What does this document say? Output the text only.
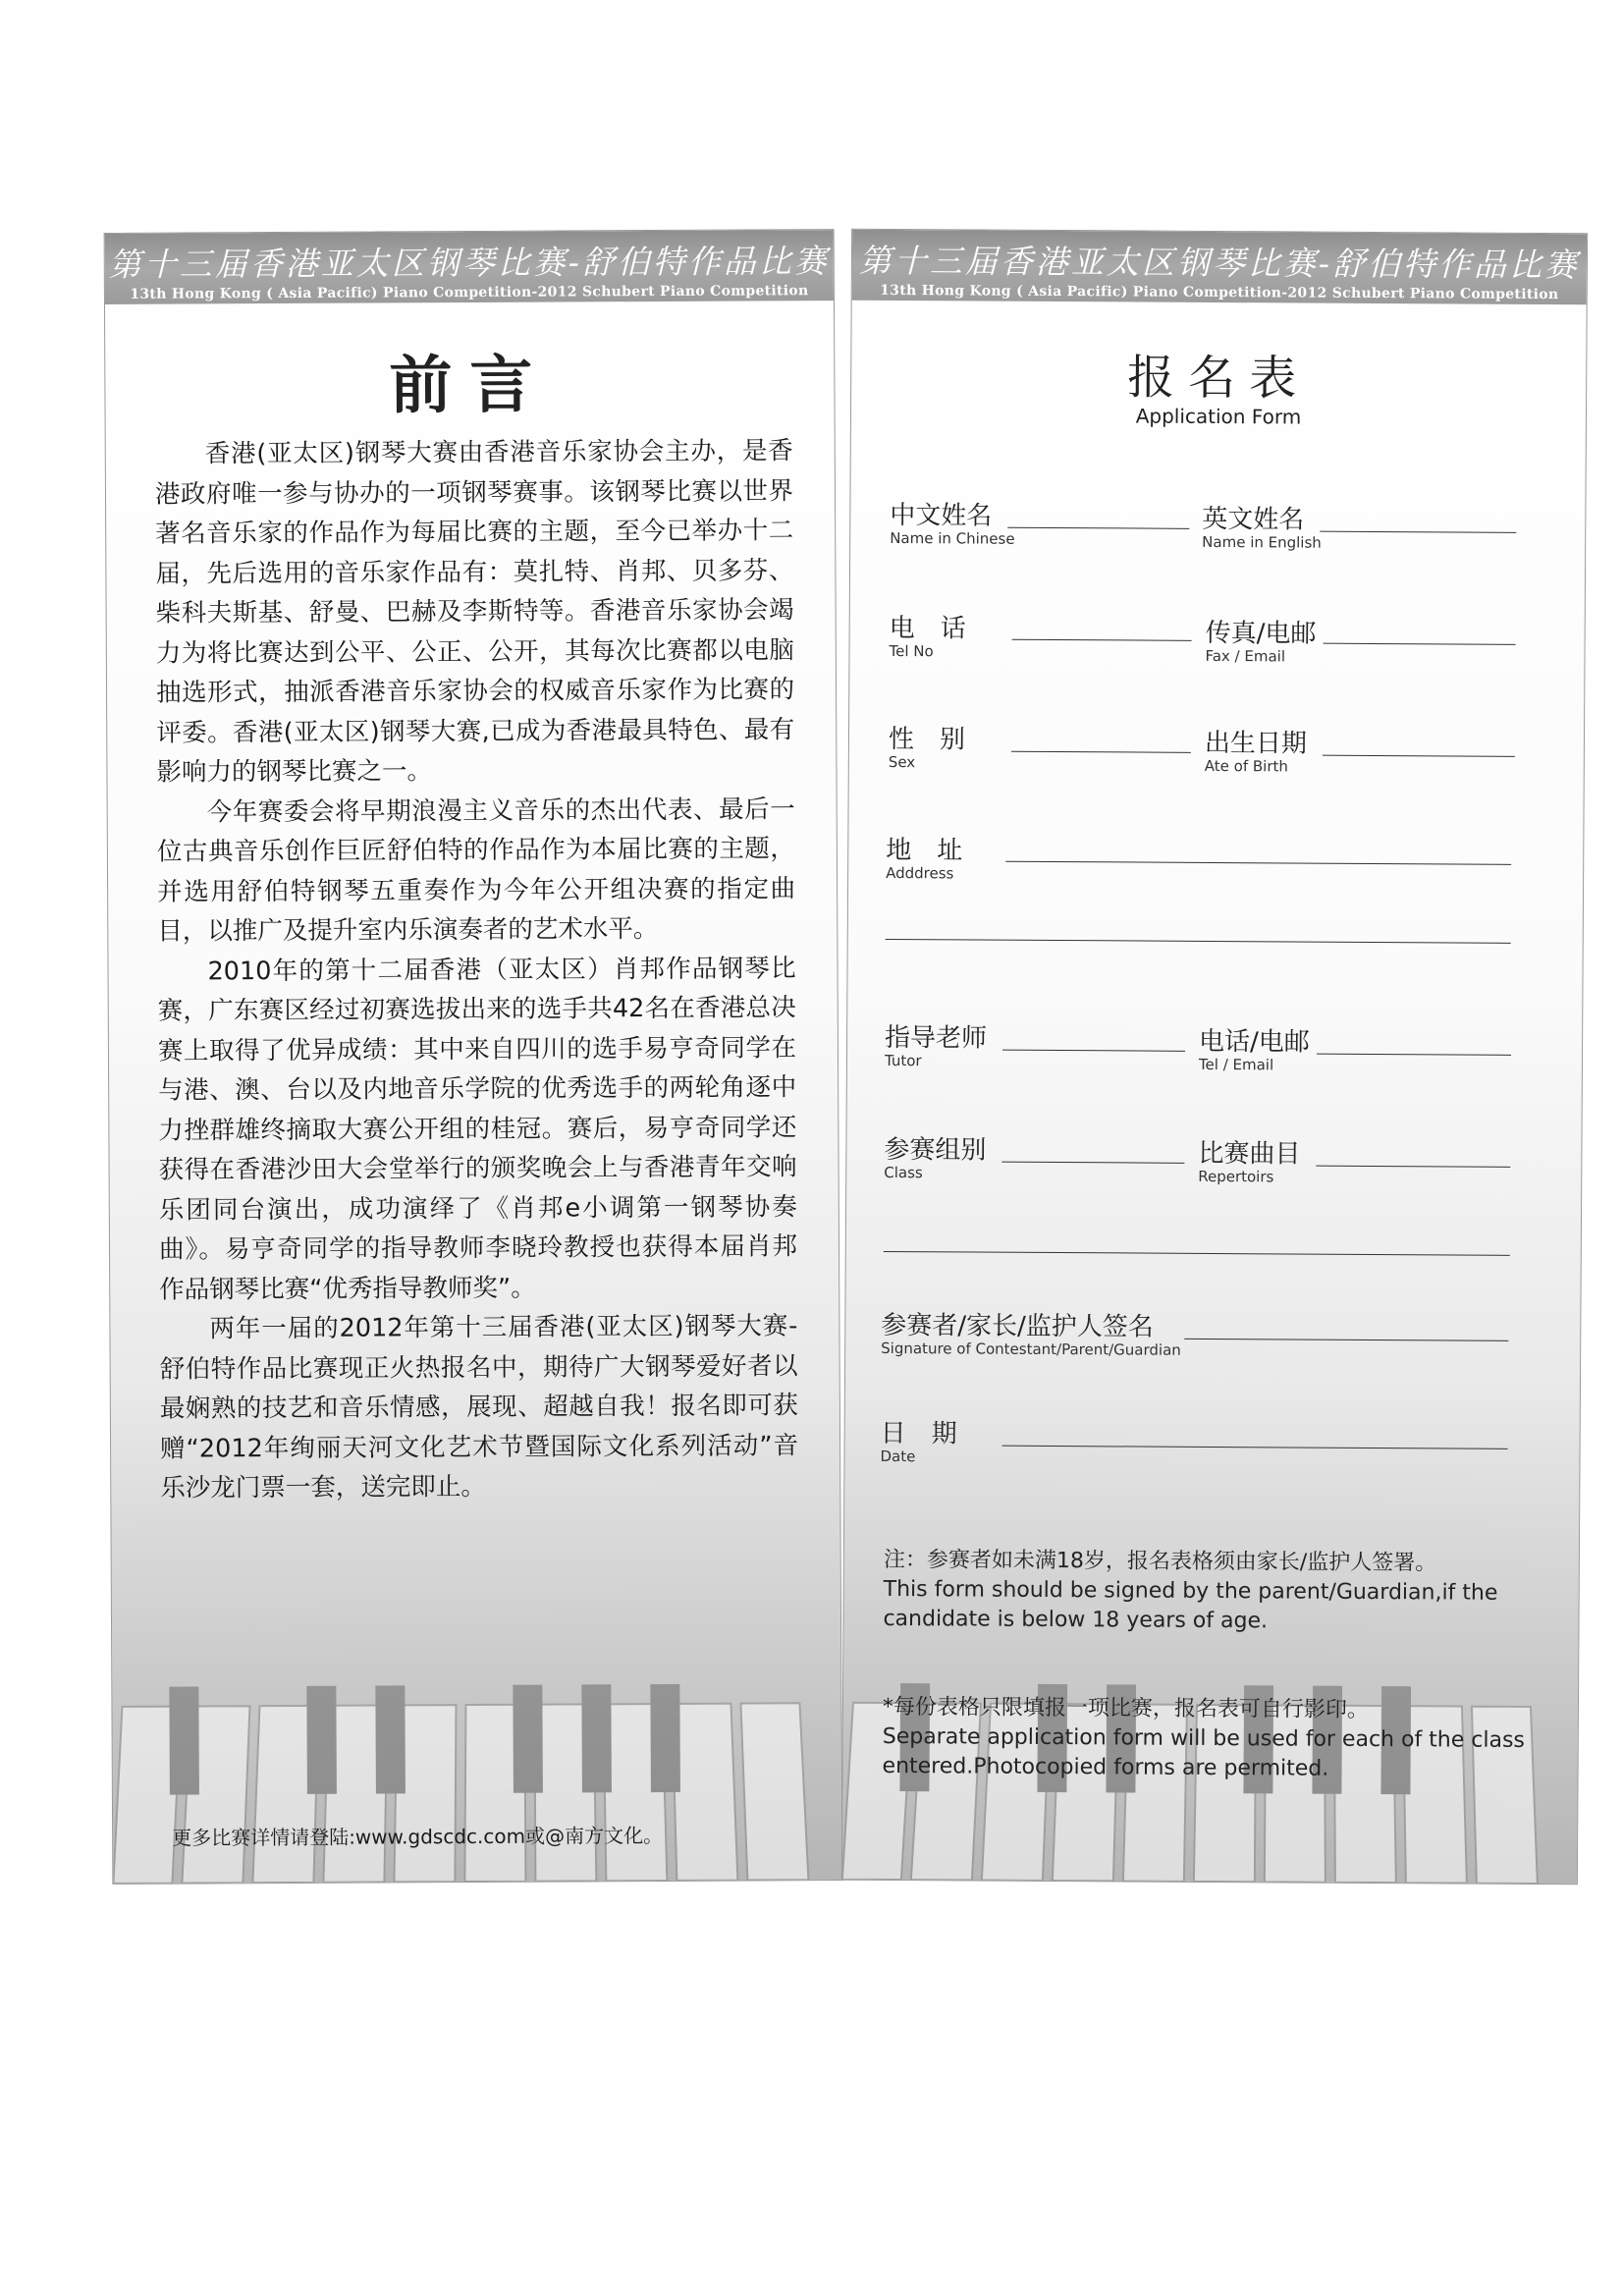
第十三届香港亚太区钢琴比赛-舒伯特作品比赛
13th Hong Kong ( Asia Pacific) Piano Competition-2012 Schubert Piano Competition
前言

香港(亚太区)钢琴大赛由香港音乐家协会主办，是香港政府唯一参与协办的一项钢琴赛事。该钢琴比赛以世界著名音乐家的作品作为每届比赛的主题，至今已举办十二届，先后选用的音乐家作品有：莫扎特、肖邦、贝多芬、柴科夫斯基、舒曼、巴赫及李斯特等。香港音乐家协会竭力为将比赛达到公平、公正、公开，其每次比赛都以电脑抽选形式，抽派香港音乐家协会的权威音乐家作为比赛的评委。香港(亚太区)钢琴大赛,已成为香港最具特色、最有影响力的钢琴比赛之一。

今年赛委会将早期浪漫主义音乐的杰出代表、最后一位古典音乐创作巨匠舒伯特的作品作为本届比赛的主题，并选用舒伯特钢琴五重奏作为今年公开组决赛的指定曲目，以推广及提升室内乐演奏者的艺术水平。

2010年的第十二届香港（亚太区）肖邦作品钢琴比赛，广东赛区经过初赛选拔出来的选手共42名在香港总决赛上取得了优异成绩：其中来自四川的选手易亨奇同学在与港、澳、台以及内地音乐学院的优秀选手的两轮角逐中力挫群雄终摘取大赛公开组的桂冠。赛后，易亨奇同学还获得在香港沙田大会堂举行的颁奖晚会上与香港青年交响乐团同台演出，成功演绎了《肖邦e小调第一钢琴协奏曲》。易亨奇同学的指导教师李晓玲教授也获得本届肖邦作品钢琴比赛“优秀指导教师奖”。

两年一届的2012年第十三届香港(亚太区)钢琴大赛-舒伯特作品比赛现正火热报名中，期待广大钢琴爱好者以最娴熟的技艺和音乐情感，展现、超越自我！报名即可获赠“2012年绚丽天河文化艺术节暨国际文化系列活动”音乐沙龙门票一套，送完即止。

更多比赛详情请登陆:www.gdscdc.com或@南方文化。
第十三届香港亚太区钢琴比赛-舒伯特作品比赛
13th Hong Kong ( Asia Pacific) Piano Competition-2012 Schubert Piano Competition
报名表
Application Form
中文姓名
Name in Chinese
英文姓名
Name in English
电　话
Tel No
传真/电邮
Fax / Email
性　别
Sex
出生日期
Ate of Birth
地　址
Adddress
指导老师
Tutor
电话/电邮
Tel / Email
参赛组别
Class
比赛曲目
Repertoirs
参赛者/家长/监护人签名
Signature of Contestant/Parent/Guardian
日　期
Date
注：参赛者如未满18岁，报名表格须由家长/监护人签署。
This form should be signed by the parent/Guardian,if the candidate is below 18 years of age.
*每份表格只限填报一项比赛，报名表可自行影印。
Separate application form will be used for each of the class entered.Photocopied forms are permited.
